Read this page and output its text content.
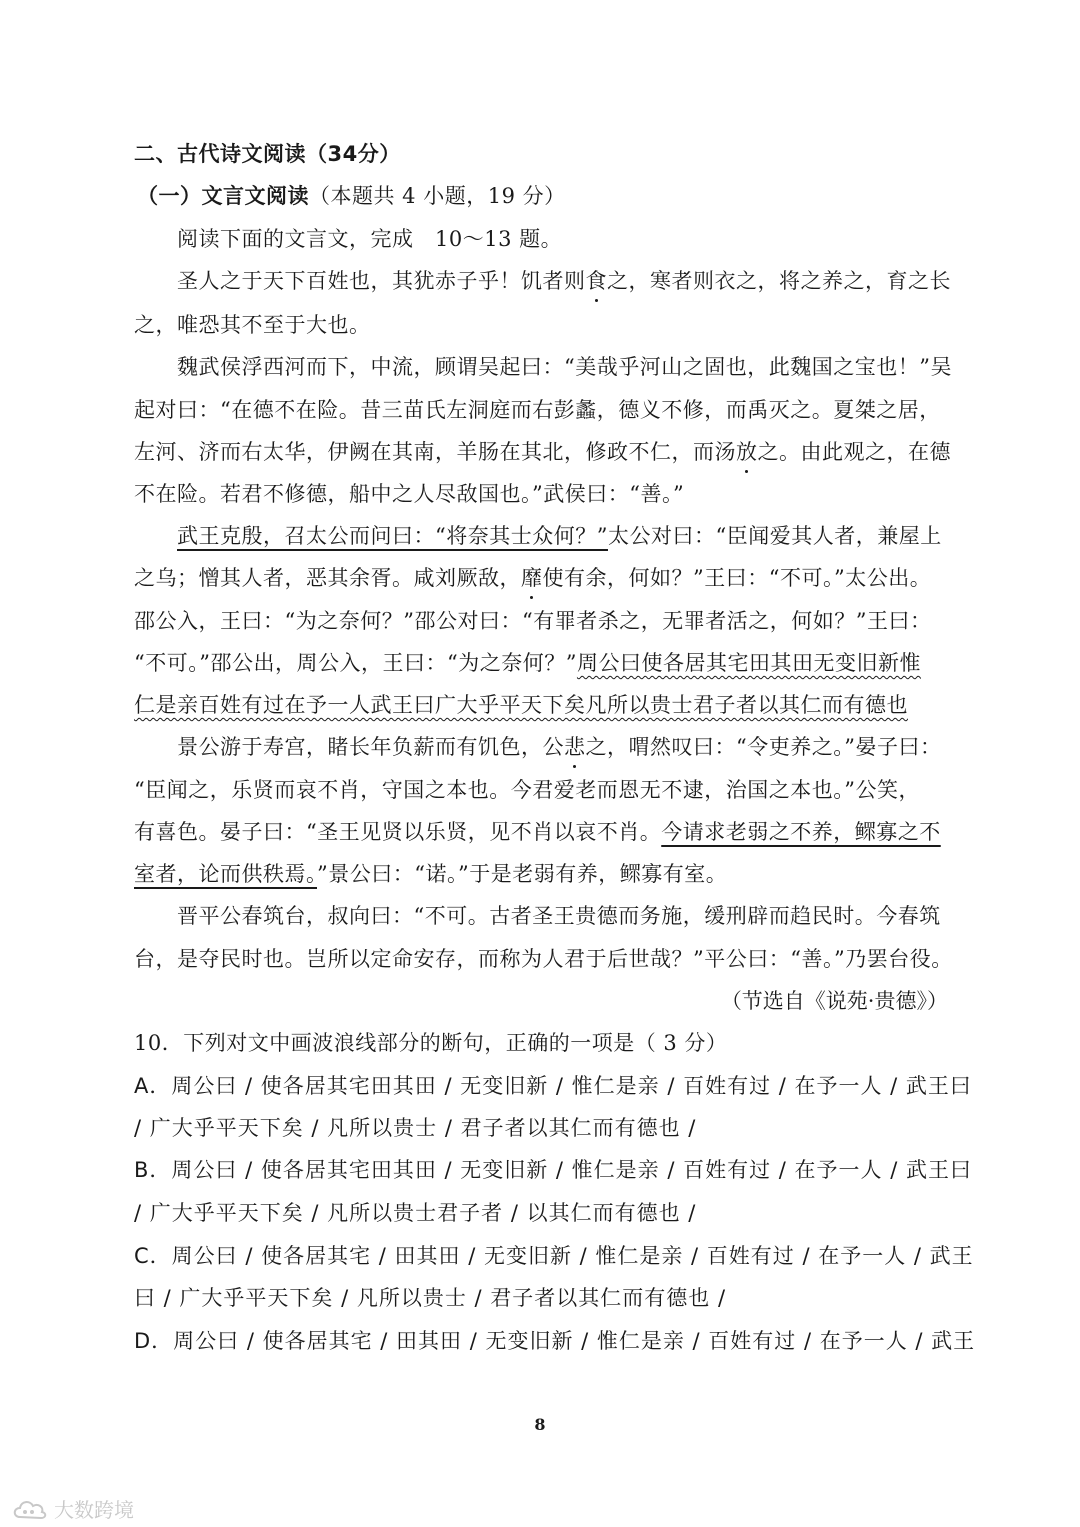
二、古代诗文阅读（34分）
（一）文言文阅读（本题共 4 小题，19 分）
阅读下面的文言文，完成　10～13 题。
圣人之于天下百姓也，其犹赤子乎！饥者则食之，寒者则衣之，将之养之，育之长
之，唯恐其不至于大也。
魏武侯浮西河而下，中流，顾谓吴起曰：“美哉乎河山之固也，此魏国之宝也！”吴
起对曰：“在德不在险。昔三苗氏左洞庭而右彭蠡，德义不修，而禹灭之。夏桀之居，
左河、济而右太华，伊阙在其南，羊肠在其北，修政不仁，而汤放之。由此观之，在德
不在险。若君不修德，船中之人尽敌国也。”武侯曰：“善。”
武王克殷，召太公而问曰：“将奈其士众何？”太公对曰：“臣闻爱其人者，兼屋上
之乌；憎其人者，恶其余胥。咸刘厥敌，靡使有余，何如？”王曰：“不可。”太公出。
邵公入，王曰：“为之奈何？”邵公对曰：“有罪者杀之，无罪者活之，何如？”王曰：
“不可。”邵公出，周公入，王曰：“为之奈何？”周公曰使各居其宅田其田无变旧新惟
仁是亲百姓有过在予一人武王曰广大乎平天下矣凡所以贵士君子者以其仁而有德也
景公游于寿宫，睹长年负薪而有饥色，公悲之，喟然叹曰：“令吏养之。”晏子曰：
“臣闻之，乐贤而哀不肖，守国之本也。今君爱老而恩无不逮，治国之本也。”公笑，
有喜色。晏子曰：“圣王见贤以乐贤，见不肖以哀不肖。今请求老弱之不养，鳏寡之不
室者，论而供秩焉。”景公曰：“诺。”于是老弱有养，鳏寡有室。
晋平公春筑台，叔向曰：“不可。古者圣王贵德而务施，缓刑辟而趋民时。今春筑
台，是夺民时也。岂所以定命安存，而称为人君于后世哉？”平公曰：“善。”乃罢台役。
（节选自《说苑·贵德》）
10．下列对文中画波浪线部分的断句，正确的一项是（ 3 分）
A．周公曰 / 使各居其宅田其田 / 无变旧新 / 惟仁是亲 / 百姓有过 / 在予一人 / 武王曰
/ 广大乎平天下矣 / 凡所以贵士 / 君子者以其仁而有德也 /
B．周公曰 / 使各居其宅田其田 / 无变旧新 / 惟仁是亲 / 百姓有过 / 在予一人 / 武王曰
/ 广大乎平天下矣 / 凡所以贵士君子者 / 以其仁而有德也 /
C．周公曰 / 使各居其宅 / 田其田 / 无变旧新 / 惟仁是亲 / 百姓有过 / 在予一人 / 武王
曰 / 广大乎平天下矣 / 凡所以贵士 / 君子者以其仁而有德也 /
D．周公曰 / 使各居其宅 / 田其田 / 无变旧新 / 惟仁是亲 / 百姓有过 / 在予一人 / 武王
8
大数跨境
